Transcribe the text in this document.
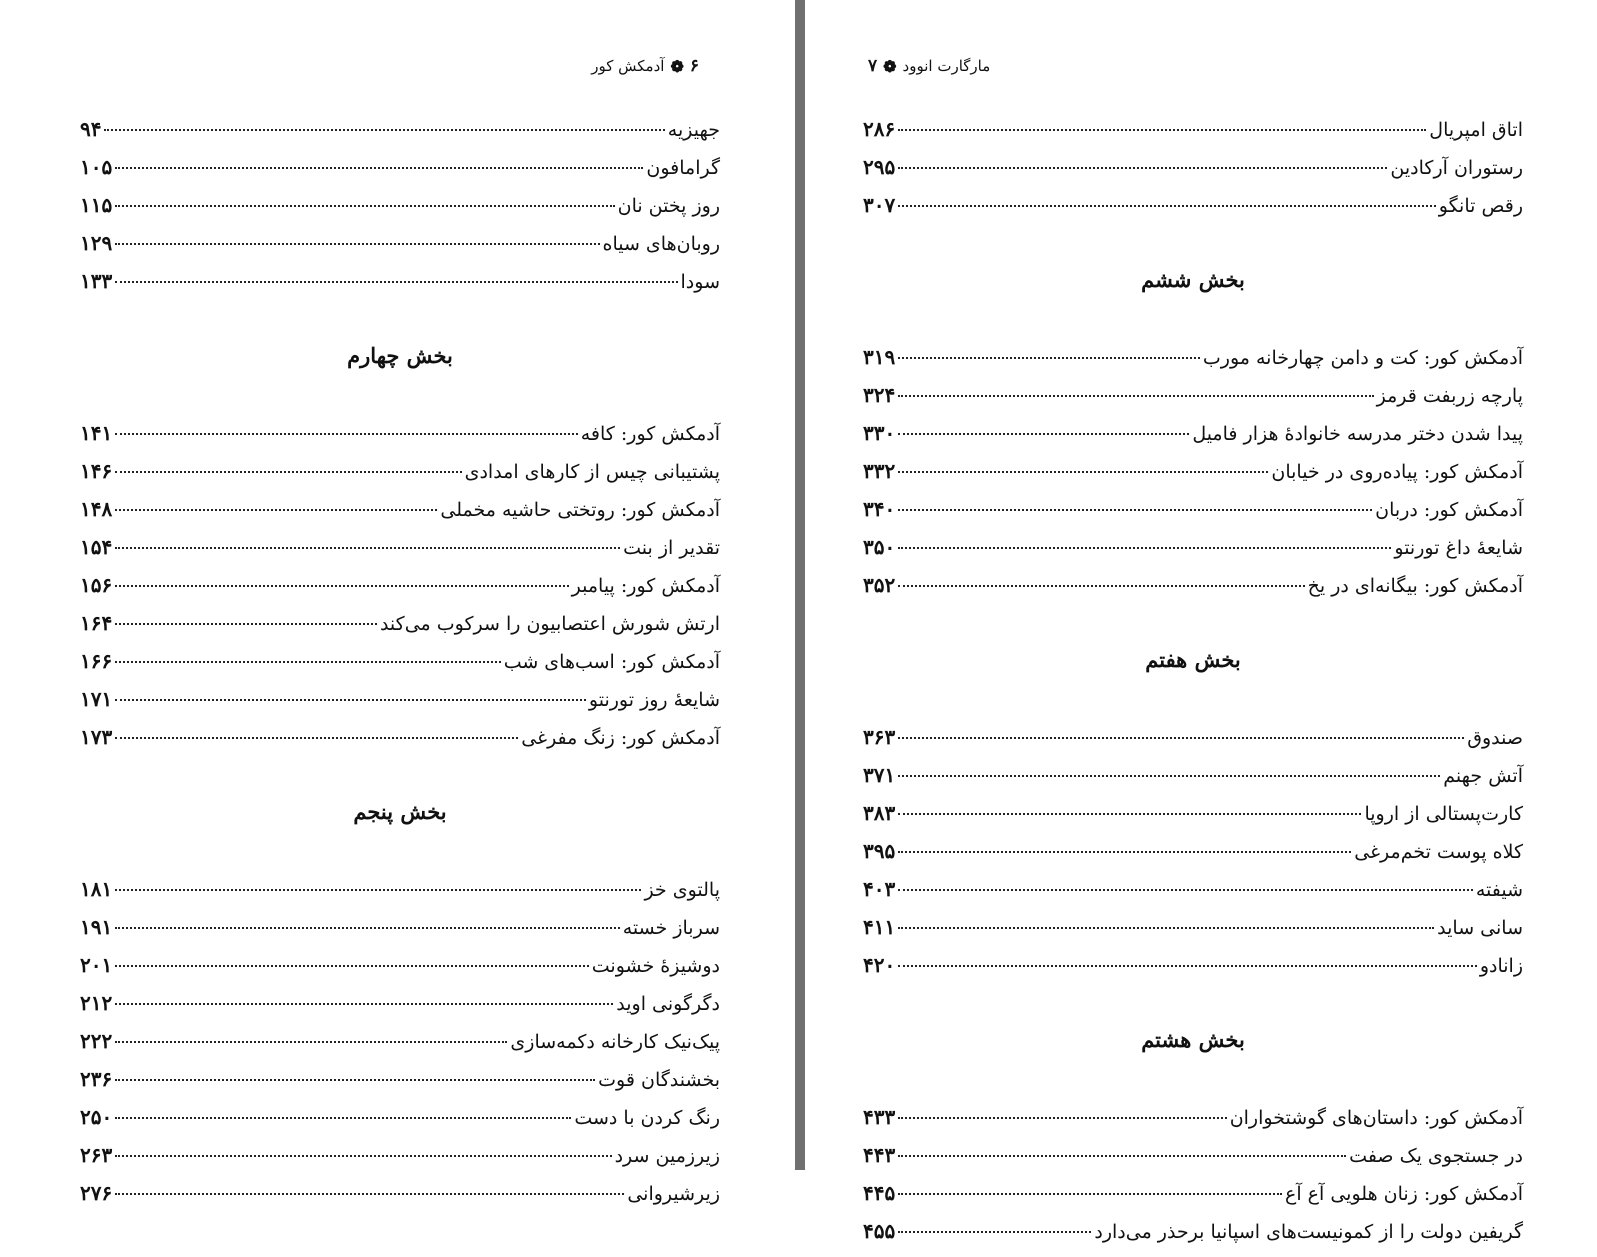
۶
❁
آدمکش کور
جهیزیه
۹۴
گرامافون
۱۰۵
روز پختن نان
۱۱۵
روبان‌های سیاه
۱۲۹
سودا
۱۳۳
بخش چهارم
آدمکش کور: کافه
۱۴۱
پشتیبانی چیس از کارهای امدادی
۱۴۶
آدمکش کور: روتختی حاشیه مخملی
۱۴۸
تقدیر از بنت
۱۵۴
آدمکش کور: پیامبر
۱۵۶
ارتش شورش اعتصابیون را سرکوب می‌کند
۱۶۴
آدمکش کور: اسب‌های شب
۱۶۶
شایعهٔ روز تورنتو
۱۷۱
آدمکش کور: زنگ مفرغی
۱۷۳
بخش پنجم
پالتوی خز
۱۸۱
سرباز خسته
۱۹۱
دوشیزهٔ خشونت
۲۰۱
دگرگونی اوید
۲۱۲
پیک‌نیک کارخانه دکمه‌سازی
۲۲۲
بخشندگان قوت
۲۳۶
رنگ کردن با دست
۲۵۰
زیرزمین سرد
۲۶۳
زیرشیروانی
۲۷۶
مارگارت انوود
❁
۷
اتاق امپریال
۲۸۶
رستوران آرکادین
۲۹۵
رقص تانگو
۳۰۷
بخش ششم
آدمکش کور: کت و دامن چهارخانه مورب
۳۱۹
پارچه زربفت قرمز
۳۲۴
پیدا شدن دختر مدرسه خانوادهٔ هزار فامیل
۳۳۰
آدمکش کور: پیاده‌روی در خیابان
۳۳۲
آدمکش کور: دربان
۳۴۰
شایعهٔ داغ تورنتو
۳۵۰
آدمکش کور: بیگانه‌ای در یخ
۳۵۲
بخش هفتم
صندوق
۳۶۳
آتش جهنم
۳۷۱
کارت‌پستالی از اروپا
۳۸۳
کلاه پوست تخم‌مرغی
۳۹۵
شیفته
۴۰۳
سانی ساید
۴۱۱
زانادو
۴۲۰
بخش هشتم
آدمکش کور: داستان‌های گوشتخواران
۴۳۳
در جستجوی یک صفت
۴۴۳
آدمکش کور: زنان هلویی آع آع
۴۴۵
گریفین دولت را از کمونیست‌های اسپانیا برحذر می‌دارد
۴۵۵
